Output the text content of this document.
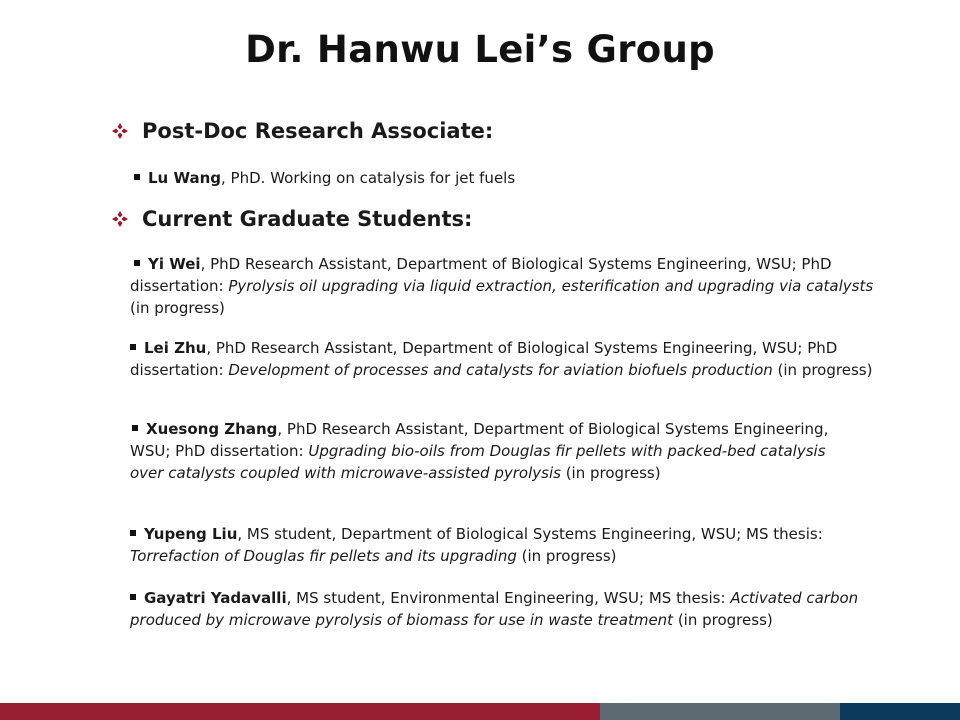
Dr. Hanwu Lei’s Group
Post-Doc Research Associate:
Lu Wang, PhD. Working on catalysis for jet fuels
Current Graduate Students:
Yi Wei, PhD Research Assistant, Department of Biological Systems Engineering, WSU; PhD dissertation: Pyrolysis oil upgrading via liquid extraction, esterification and upgrading via catalysts (in progress)
Lei Zhu, PhD Research Assistant, Department of Biological Systems Engineering, WSU; PhD dissertation: Development of processes and catalysts for aviation biofuels production (in progress)
Xuesong Zhang, PhD Research Assistant, Department of Biological Systems Engineering, WSU; PhD dissertation: Upgrading bio-oils from Douglas fir pellets with packed-bed catalysis over catalysts coupled with microwave-assisted pyrolysis (in progress)
Yupeng Liu, MS student, Department of Biological Systems Engineering, WSU; MS thesis: Torrefaction of Douglas fir pellets and its upgrading (in progress)
Gayatri Yadavalli, MS student, Environmental Engineering, WSU; MS thesis: Activated carbon produced by microwave pyrolysis of biomass for use in waste treatment (in progress)
